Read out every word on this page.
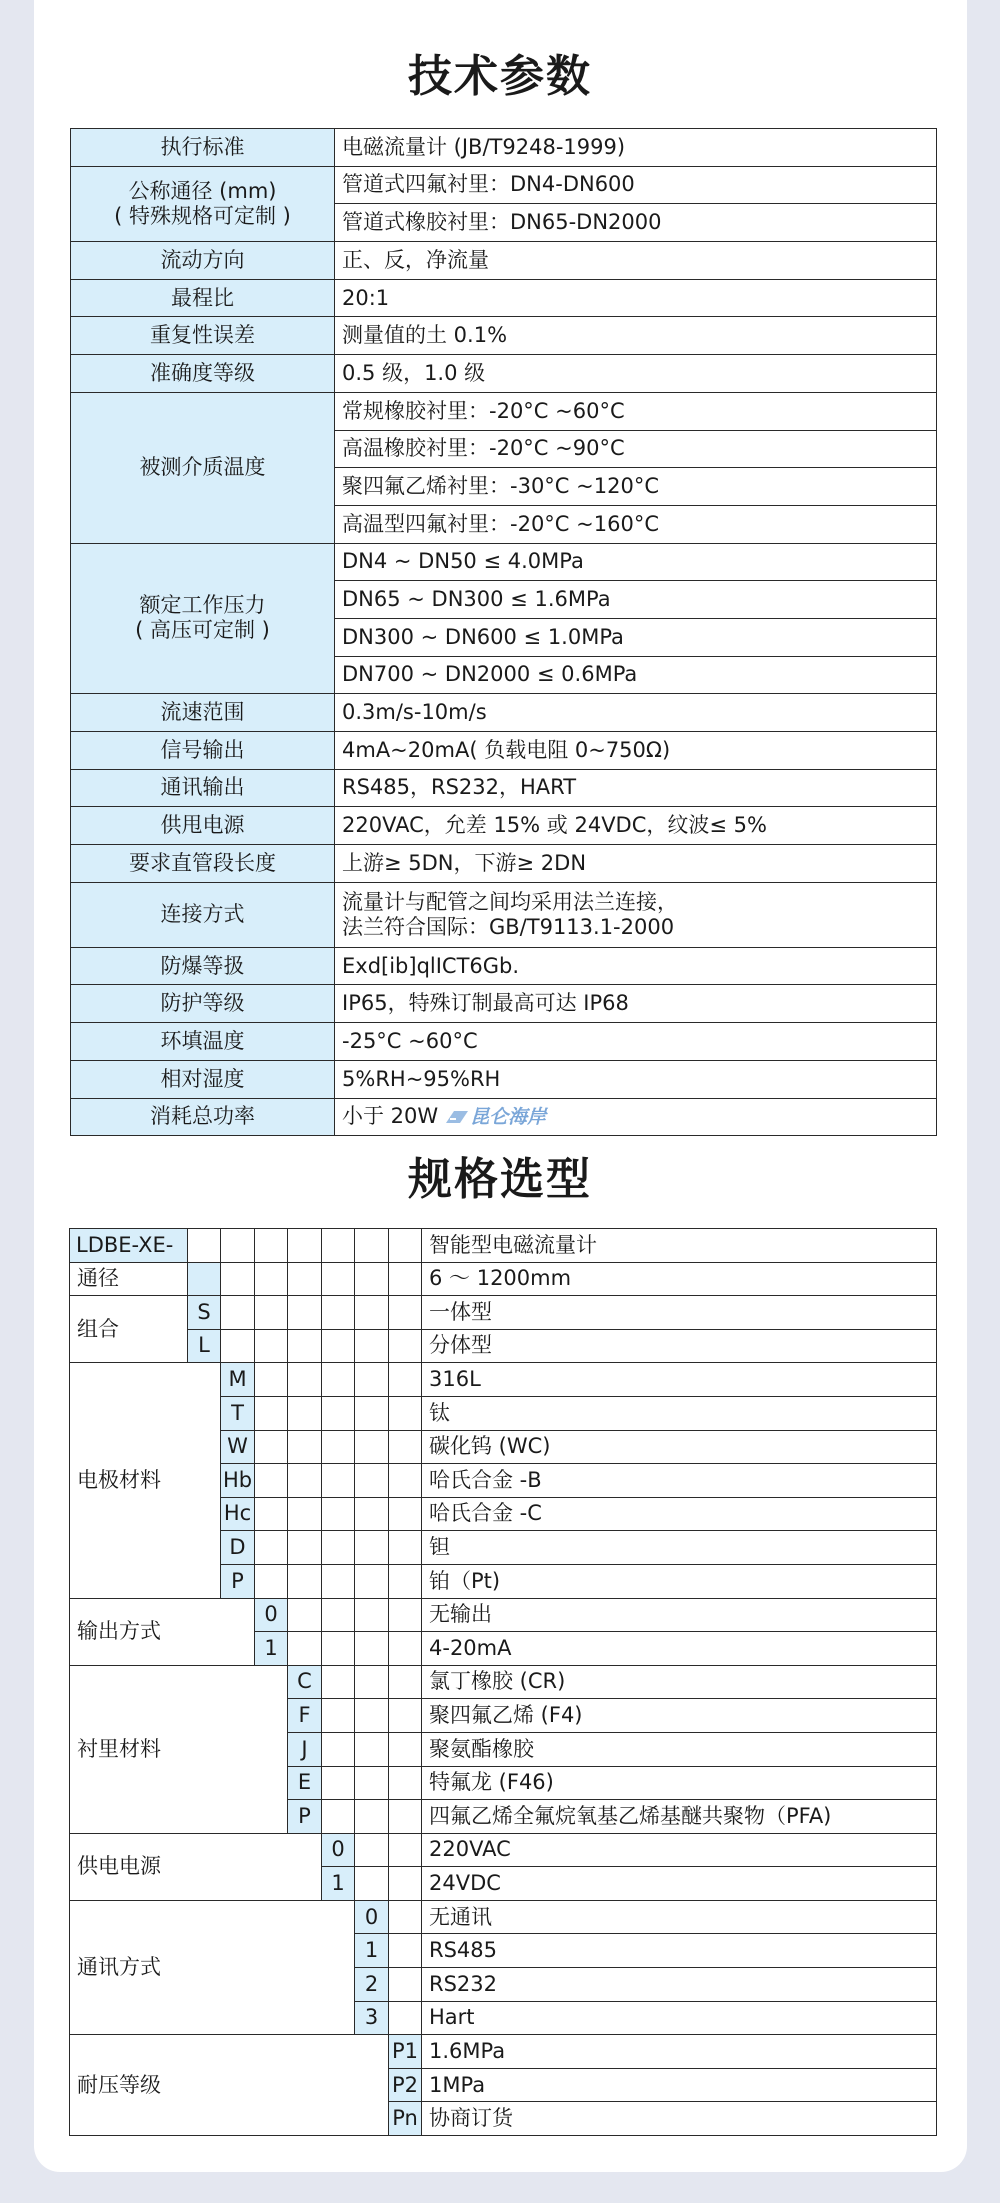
技术参数
执行标准	电磁流量计 (JB/T9248-1999)
公称通径 (mm)
( 特殊规格可定制 )	管道式四氟衬里：DN4-DN600
	管道式橡胶衬里：DN65-DN2000
流动方向	正、反，净流量
最程比	20:1
重复性误差	测量值的土 0.1%
准确度等级	0.5 级，1.0 级
被测介质温度	常规橡胶衬里：-20°C ~60°C
	高温橡胶衬里：-20°C ~90°C
	聚四氟乙烯衬里：-30°C ~120°C
	高温型四氟衬里：-20°C ~160°C
额定工作压力
( 高压可定制 )	DN4 ~ DN50 ≤ 4.0MPa
	DN65 ~ DN300 ≤ 1.6MPa
	DN300 ~ DN600 ≤ 1.0MPa
	DN700 ~ DN2000 ≤ 0.6MPa
流速范围	0.3m/s-10m/s
信号输出	4mA~20mA( 负载电阻 0~750Ω)
通讯输出	RS485，RS232，HART
供甩电源	220VAC，允差 15% 或 24VDC，纹波≤ 5%
要求直管段长度	上游≥ 5DN，下游≥ 2DN
连接方式	流量计与配管之间均采用法兰连接，
法兰符合国际：GB/T9113.1-2000
防爆等扱	Exd[ib]qlICT6Gb.
防护等级	IP65，特殊订制最高可达 IP68
环填温度	-25°C ~60°C
相对湿度	5%RH~95%RH
消耗总功率	小于 20W 昆仑海岸
规格选型
LDBE-XE-								智能型电磁流量计
通径								6 ～ 1200mm
组合	S							一体型
	L							分体型
电极材料		M						316L
		T						钛
		W						碳化钨 (WC)
		Hb						哈氏合金 -B
		Hc						哈氏合金 -C
		D						钽
		P						铂（Pt)
输出方式			0					无输出
			1					4-20mA
衬里材料				C				氯丁橡胶 (CR)
				F				聚四氟乙烯 (F4)
				J				聚氨酯橡胶
				E				特氟龙 (F46)
				P				四氟乙烯全氟烷氧基乙烯基醚共聚物（PFA)
供电电源					0			220VAC
					1			24VDC
通讯方式						0		无通讯
						1		RS485
						2		RS232
						3		Hart
耐压等级							P1	1.6MPa
							P2	1MPa
							Pn	协商订货
